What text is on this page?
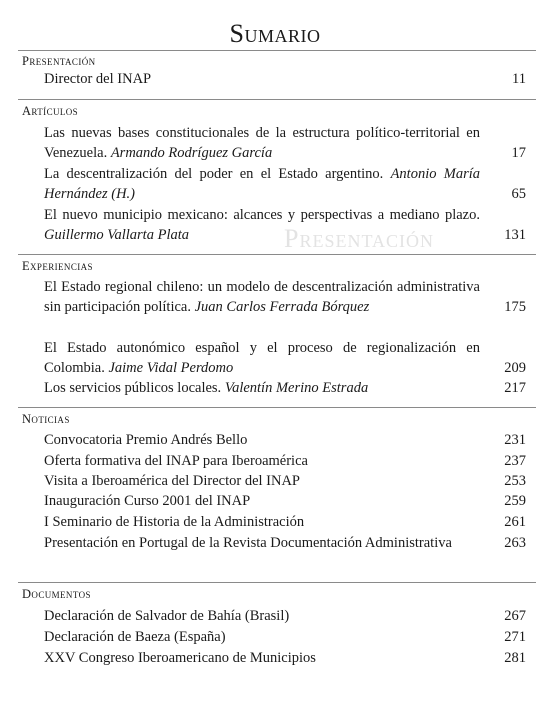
Sumario
Presentación
Presentación
Director del INAP	11
Artículos
Las nuevas bases constitucionales de la estructura político-territorial en Venezuela. Armando Rodríguez García	17
La descentralización del poder en el Estado argentino. Antonio María Hernández (H.)	65
El nuevo municipio mexicano: alcances y perspectivas a mediano plazo. Guillermo Vallarta Plata	131
Experiencias
El Estado regional chileno: un modelo de descentralización administrativa sin participación política. Juan Carlos Ferrada Bórquez	175
El Estado autonómico español y el proceso de regionalización en Colombia. Jaime Vidal Perdomo	209
Los servicios públicos locales. Valentín Merino Estrada	217
Noticias
Convocatoria Premio Andrés Bello	231
Oferta formativa del INAP para Iberoamérica	237
Visita a Iberoamérica del Director del INAP	253
Inauguración Curso 2001 del INAP	259
I Seminario de Historia de la Administración	261
Presentación en Portugal de la Revista Documentación Administrativa	263
Documentos
Declaración de Salvador de Bahía (Brasil)	267
Declaración de Baeza (España)	271
XXV Congreso Iberoamericano de Municipios	281
